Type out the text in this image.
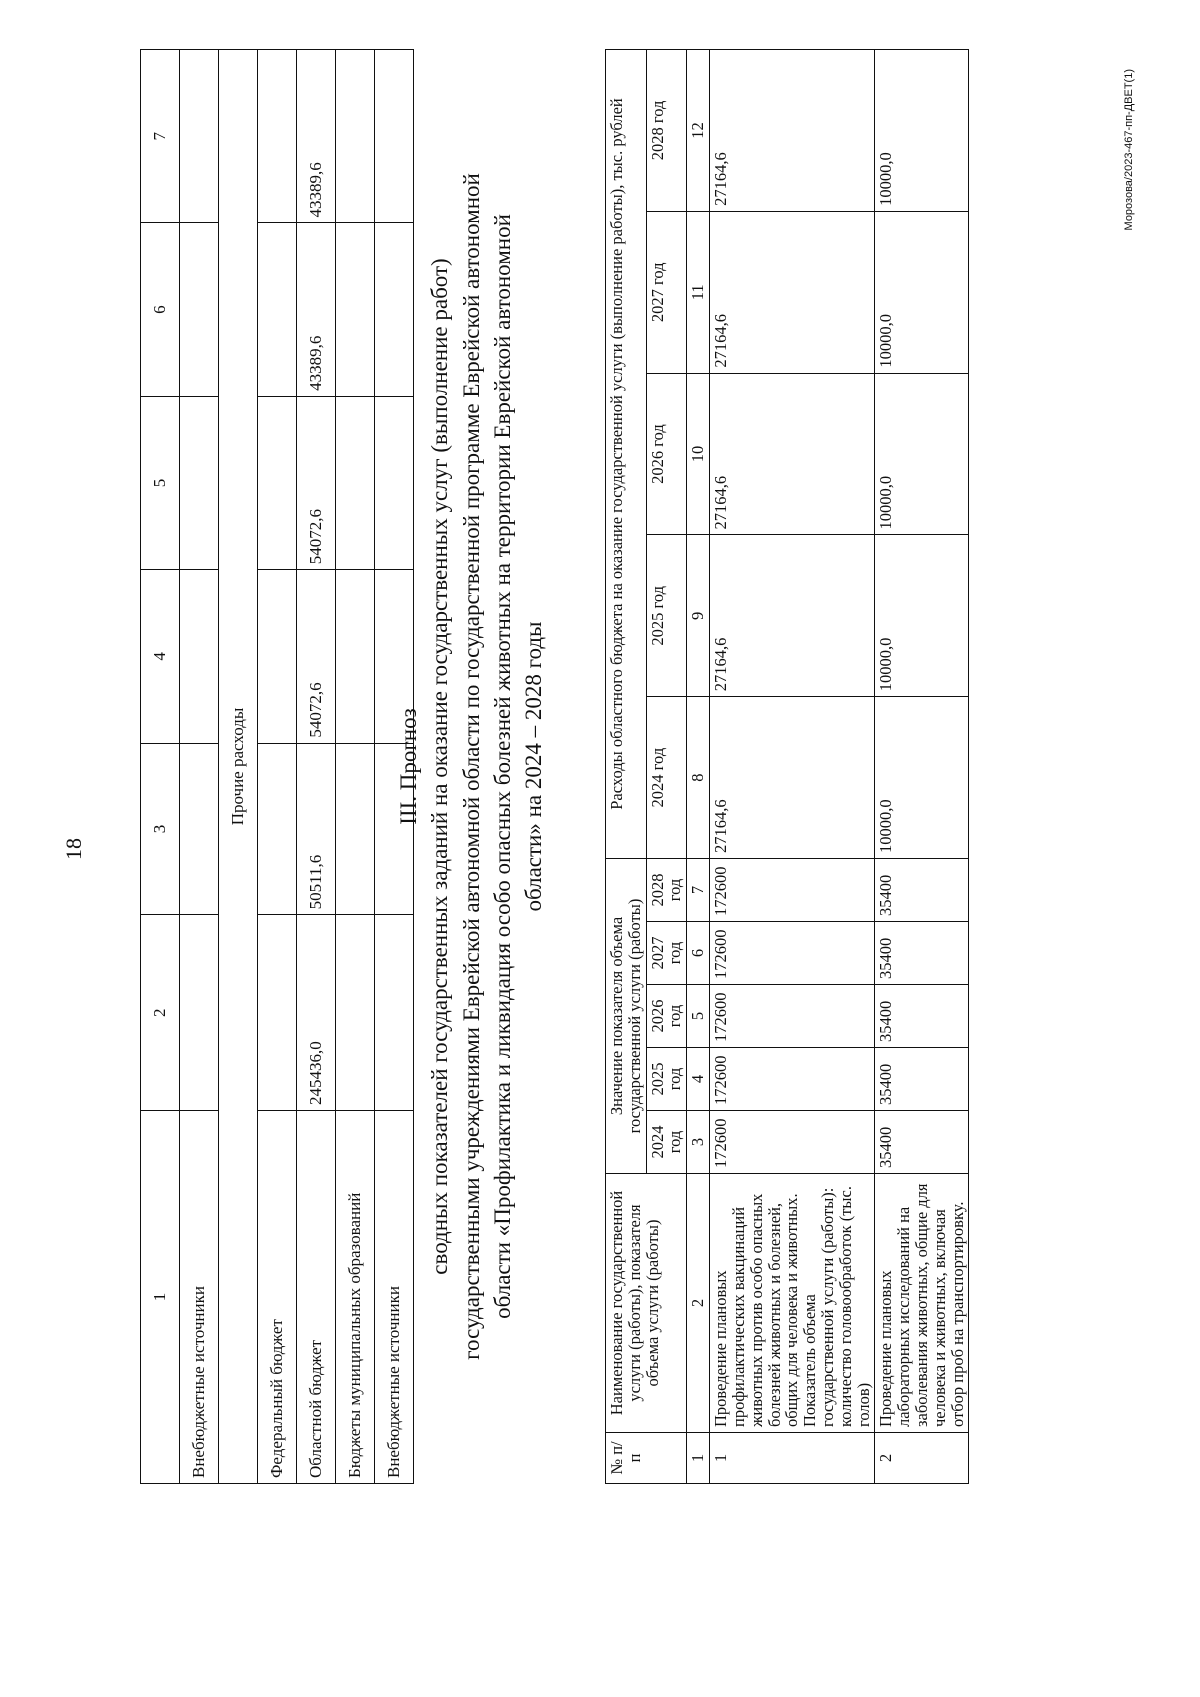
18
1	2	3	4	5	6	7
Внебюджетные источники						
Прочие расходы						
Федеральный бюджет						
Областной бюджет	245436,0	50511,6	54072,6	54072,6	43389,6	43389,6
Бюджеты муниципальных образований						
Внебюджетные источники						
III. Прогноз сводных показателей государственных заданий на оказание государственных услуг (выполнение работ) государственными учреждениями Еврейской автономной области по государственной программе Еврейской автономной области «Профилактика и ликвидация особо опасных болезней животных на территории Еврейской автономной области» на 2024 – 2028 годы
№ п/п	Наименование государственной услуги (работы), показателя объема услуги (работы)	Значение показателя объема государственной услуги (работы)					Расходы областного бюджета на оказание государственной услуги (выполнение работы), тыс. рублей				
		2024 год	2025 год	2026 год	2027 год	2028 год	2024 год	2025 год	2026 год	2027 год	2028 год
1	2	3	4	5	6	7	8	9	10	11	12
1	Проведение плановых профилактических вакцинаций животных против особо опасных болезней животных и болезней, общих для человека и животных. Показатель объема государственной услуги (работы): количество головообработок (тыс. голов)	172600	172600	172600	172600	172600	27164,6	27164,6	27164,6	27164,6	27164,6
2	Проведение плановых лабораторных исследований на заболевания животных, общие для человека и животных, включая отбор проб на транспортировку.	35400	35400	35400	35400	35400	10000,0	10000,0	10000,0	10000,0	10000,0	Морозова/2023-467-пп-ДВЕТ(1)
